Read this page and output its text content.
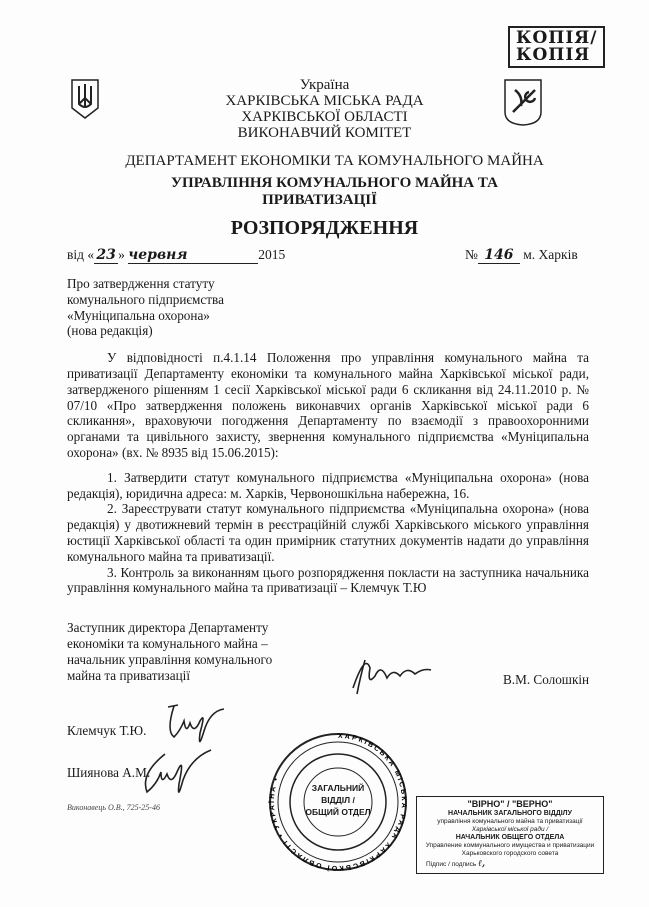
КОПІЯ/
КОПІЯ
Україна
ХАРКІВСЬКА МІСЬКА РАДА
ХАРКІВСЬКОЇ ОБЛАСТІ
ВИКОНАВЧИЙ КОМІТЕТ
ДЕПАРТАМЕНТ ЕКОНОМІКИ ТА КОМУНАЛЬНОГО МАЙНА
УПРАВЛІННЯ КОМУНАЛЬНОГО МАЙНА ТА
ПРИВАТИЗАЦІЇ
РОЗПОРЯДЖЕННЯ
від « 23 » червня	2015	№ 146 м. Харків
Про затвердження статуту
комунального підприємства
«Муніципальна охорона»
(нова редакція)
У відповідності п.4.1.14 Положення про управління комунального майна та приватизації Департаменту економіки та комунального майна Харківської міської ради, затвердженого рішенням 1 сесії Харківської міської ради 6 скликання від 24.11.2010 р. № 07/10 «Про затвердження положень виконавчих органів Харківської міської ради 6 скликання», враховуючи погодження Департаменту по взаємодії з правоохоронними органами та цивільного захисту, звернення комунального підприємства «Муніципальна охорона» (вх. № 8935 від 15.06.2015):
1. Затвердити статут комунального підприємства «Муніципальна охорона» (нова редакція), юридична адреса: м. Харків, Червоношкільна набережна, 16.
2. Зареєструвати статут комунального підприємства «Муніципальна охорона» (нова редакція) у двотижневий термін в реєстраційній службі Харківського міського управління юстиції Харківської області та один примірник статутних документів надати до управління комунального майна та приватизації.
3. Контроль за виконанням цього розпорядження покласти на заступника начальника управління комунального майна та приватизації – Клемчук Т.Ю
Заступник директора Департаменту
економіки та комунального майна –
начальник управління комунального
майна та приватизації	В.М. Солошкін
Клемчук Т.Ю.
Шиянова А.М.
Виконавець О.В., 725-25-46
ХАРКІВСЬКА МІСЬКА РАДА ХАРКІВСЬКОЇ ОБЛАСТІ • УКРАЇНА •
ЗАГАЛЬНИЙ
ВІДДІЛ /
ОБЩИЙ ОТДЕЛ
"ВІРНО" / "ВЕРНО"
НАЧАЛЬНИК ЗАГАЛЬНОГО ВІДДІЛУ
управління комунального майна та приватизації
Харківської міської ради /
НАЧАЛЬНИК ОБЩЕГО ОТДЕЛА
Управление коммунального имущества и приватизации
Харьковского городского совета
Підпис / подпись ℓ,
